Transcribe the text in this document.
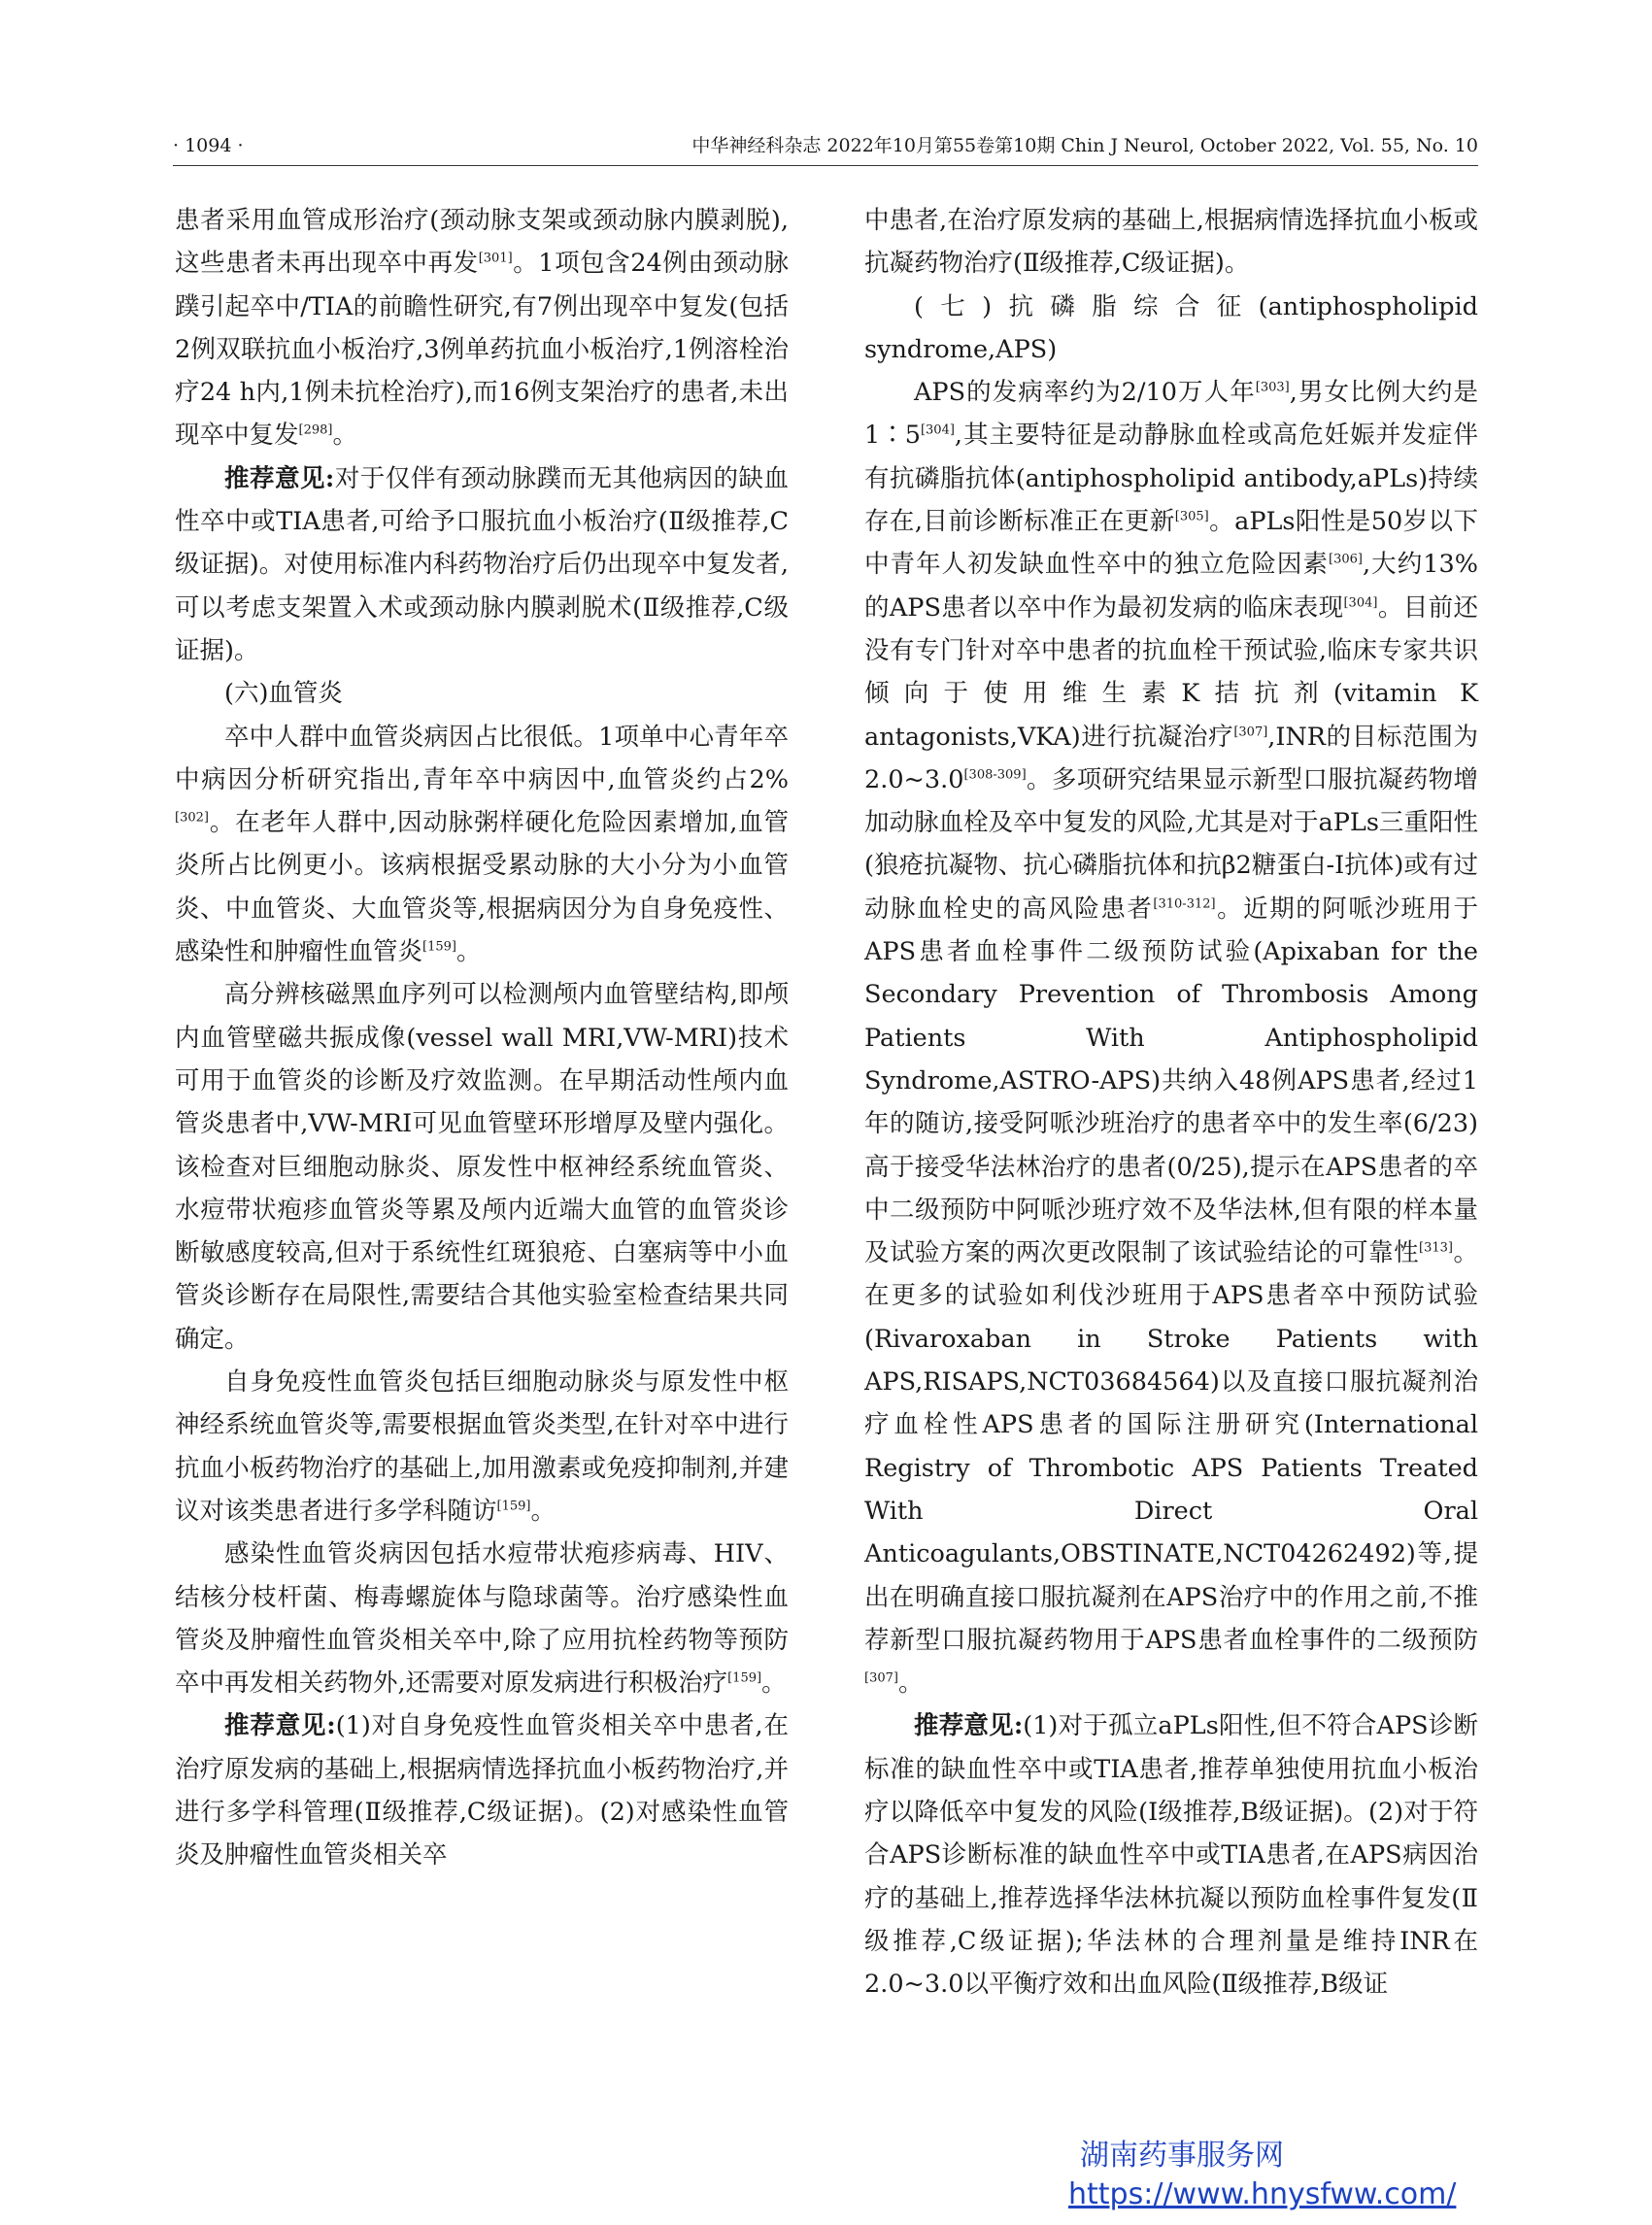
· 1094 ·	中华神经科杂志 2022年10月第55卷第10期 Chin J Neurol, October 2022, Vol. 55, No. 10

患者采用血管成形治疗(颈动脉支架或颈动脉内膜剥脱),这些患者未再出现卒中再发[301]。1项包含24例由颈动脉蹼引起卒中/TIA的前瞻性研究,有7例出现卒中复发(包括2例双联抗血小板治疗,3例单药抗血小板治疗,1例溶栓治疗24 h内,1例未抗栓治疗),而16例支架治疗的患者,未出现卒中复发[298]。

推荐意见:对于仅伴有颈动脉蹼而无其他病因的缺血性卒中或TIA患者,可给予口服抗血小板治疗(Ⅱ级推荐,C级证据)。对使用标准内科药物治疗后仍出现卒中复发者,可以考虑支架置入术或颈动脉内膜剥脱术(Ⅱ级推荐,C级证据)。

(六)血管炎

卒中人群中血管炎病因占比很低。1项单中心青年卒中病因分析研究指出,青年卒中病因中,血管炎约占2%[302]。在老年人群中,因动脉粥样硬化危险因素增加,血管炎所占比例更小。该病根据受累动脉的大小分为小血管炎、中血管炎、大血管炎等,根据病因分为自身免疫性、感染性和肿瘤性血管炎[159]。

高分辨核磁黑血序列可以检测颅内血管壁结构,即颅内血管壁磁共振成像(vessel wall MRI,VW-MRI)技术可用于血管炎的诊断及疗效监测。在早期活动性颅内血管炎患者中,VW-MRI可见血管壁环形增厚及壁内强化。该检查对巨细胞动脉炎、原发性中枢神经系统血管炎、水痘带状疱疹血管炎等累及颅内近端大血管的血管炎诊断敏感度较高,但对于系统性红斑狼疮、白塞病等中小血管炎诊断存在局限性,需要结合其他实验室检查结果共同确定。

自身免疫性血管炎包括巨细胞动脉炎与原发性中枢神经系统血管炎等,需要根据血管炎类型,在针对卒中进行抗血小板药物治疗的基础上,加用激素或免疫抑制剂,并建议对该类患者进行多学科随访[159]。

感染性血管炎病因包括水痘带状疱疹病毒、HIV、结核分枝杆菌、梅毒螺旋体与隐球菌等。治疗感染性血管炎及肿瘤性血管炎相关卒中,除了应用抗栓药物等预防卒中再发相关药物外,还需要对原发病进行积极治疗[159]。

推荐意见:(1)对自身免疫性血管炎相关卒中患者,在治疗原发病的基础上,根据病情选择抗血小板药物治疗,并进行多学科管理(Ⅱ级推荐,C级证据)。(2)对感染性血管炎及肿瘤性血管炎相关卒

中患者,在治疗原发病的基础上,根据病情选择抗血小板或抗凝药物治疗(Ⅱ级推荐,C级证据)。

(七)抗磷脂综合征(antiphospholipid syndrome,APS)

APS的发病率约为2/10万人年[303],男女比例大约是1∶5[304],其主要特征是动静脉血栓或高危妊娠并发症伴有抗磷脂抗体(antiphospholipid antibody,aPLs)持续存在,目前诊断标准正在更新[305]。aPLs阳性是50岁以下中青年人初发缺血性卒中的独立危险因素[306],大约13%的APS患者以卒中作为最初发病的临床表现[304]。目前还没有专门针对卒中患者的抗血栓干预试验,临床专家共识倾向于使用维生素K拮抗剂(vitamin K antagonists,VKA)进行抗凝治疗[307],INR的目标范围为2.0~3.0[308-309]。多项研究结果显示新型口服抗凝药物增加动脉血栓及卒中复发的风险,尤其是对于aPLs三重阳性(狼疮抗凝物、抗心磷脂抗体和抗β2糖蛋白-I抗体)或有过动脉血栓史的高风险患者[310-312]。近期的阿哌沙班用于APS患者血栓事件二级预防试验(Apixaban for the Secondary Prevention of Thrombosis Among Patients With Antiphospholipid Syndrome,ASTRO-APS)共纳入48例APS患者,经过1年的随访,接受阿哌沙班治疗的患者卒中的发生率(6/23)高于接受华法林治疗的患者(0/25),提示在APS患者的卒中二级预防中阿哌沙班疗效不及华法林,但有限的样本量及试验方案的两次更改限制了该试验结论的可靠性[313]。在更多的试验如利伐沙班用于APS患者卒中预防试验(Rivaroxaban in Stroke Patients with APS,RISAPS,NCT03684564)以及直接口服抗凝剂治疗血栓性APS患者的国际注册研究(International Registry of Thrombotic APS Patients Treated With Direct Oral Anticoagulants,OBSTINATE,NCT04262492)等,提出在明确直接口服抗凝剂在APS治疗中的作用之前,不推荐新型口服抗凝药物用于APS患者血栓事件的二级预防[307]。

推荐意见:(1)对于孤立aPLs阳性,但不符合APS诊断标准的缺血性卒中或TIA患者,推荐单独使用抗血小板治疗以降低卒中复发的风险(Ⅰ级推荐,B级证据)。(2)对于符合APS诊断标准的缺血性卒中或TIA患者,在APS病因治疗的基础上,推荐选择华法林抗凝以预防血栓事件复发(Ⅱ级推荐,C级证据);华法林的合理剂量是维持INR在2.0~3.0以平衡疗效和出血风险(Ⅱ级推荐,B级证

湖南药事服务网
https://www.hnysfww.com/
